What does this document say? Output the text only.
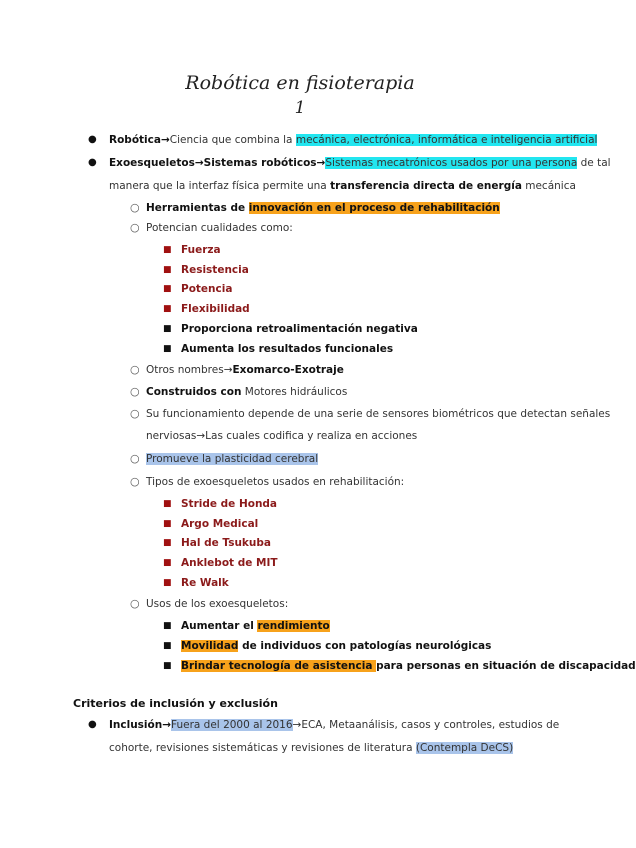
Robótica en fisioterapia
1
● Robótica→Ciencia que combina la mecánica, electrónica, informática e inteligencia artificial
● Exoesqueletos→Sistemas robóticos→Sistemas mecatrónicos usados por una persona de tal
manera que la interfaz física permite una transferencia directa de energía mecánica
○ Herramientas de innovación en el proceso de rehabilitación
○ Potencian cualidades como:
■ Fuerza
■ Resistencia
■ Potencia
■ Flexibilidad
■ Proporciona retroalimentación negativa
■ Aumenta los resultados funcionales
○ Otros nombres→Exomarco-Exotraje
○ Construidos con Motores hidráulicos
○ Su funcionamiento depende de una serie de sensores biométricos que detectan señales
nerviosas→Las cuales codifica y realiza en acciones
○ Promueve la plasticidad cerebral
○ Tipos de exoesqueletos usados en rehabilitación:
■ Stride de Honda
■ Argo Medical
■ Hal de Tsukuba
■ Anklebot de MIT
■ Re Walk
○ Usos de los exoesqueletos:
■ Aumentar el rendimiento
■ Movilidad de individuos con patologías neurológicas
■ Brindar tecnología de asistencia para personas en situación de discapacidad
Criterios de inclusión y exclusión
● Inclusión→Fuera del 2000 al 2016→ECA, Metaanálisis, casos y controles, estudios de
cohorte, revisiones sistemáticas y revisiones de literatura (Contempla DeCS)
